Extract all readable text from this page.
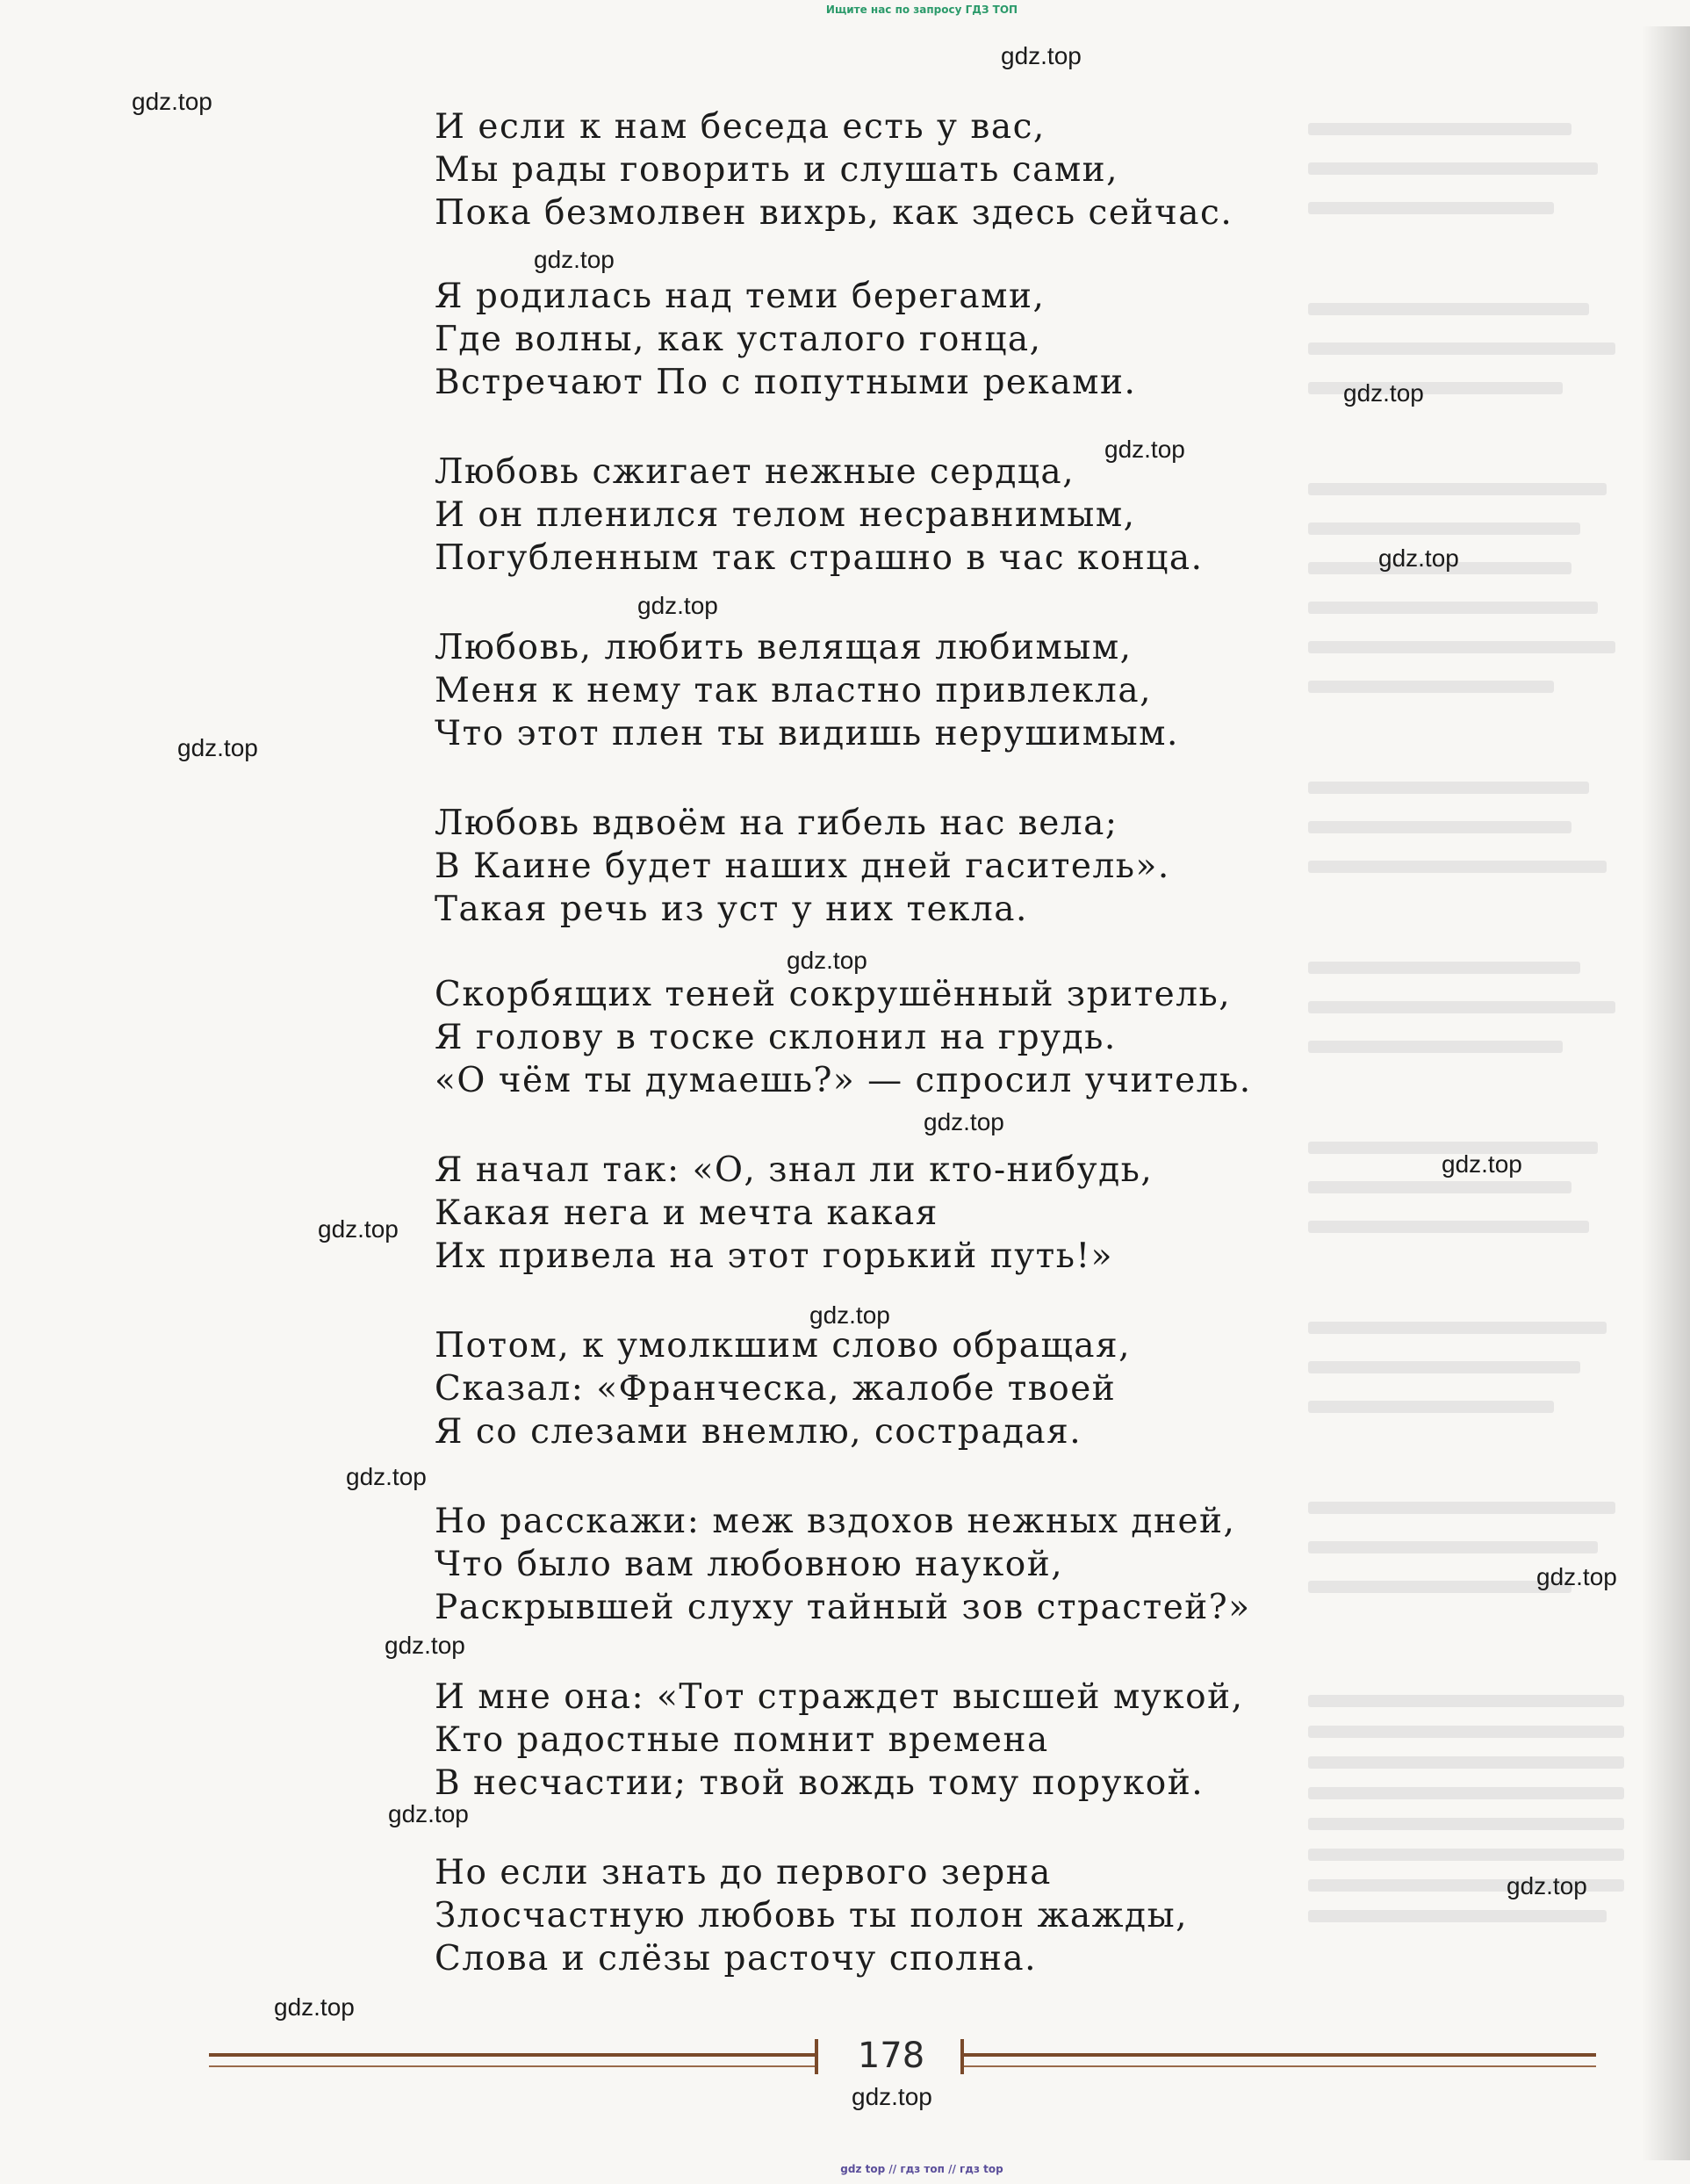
Ищите нас по запросу ГДЗ ТОП
И если к нам беседа есть у вас,
Мы рады говорить и слушать сами,
Пока безмолвен вихрь, как здесь сейчас.
Я родилась над теми берегами,
Где волны, как усталого гонца,
Встречают По с попутными реками.
Любовь сжигает нежные сердца,
И он пленился телом несравнимым,
Погубленным так страшно в час конца.
Любовь, любить велящая любимым,
Меня к нему так властно привлекла,
Что этот плен ты видишь нерушимым.
Любовь вдвоём на гибель нас вела;
В Каине будет наших дней гаситель».
Такая речь из уст у них текла.
Скорбящих теней сокрушённый зритель,
Я голову в тоске склонил на грудь.
«О чём ты думаешь?» — спросил учитель.
Я начал так: «О, знал ли кто-нибудь,
Какая нега и мечта какая
Их привела на этот горький путь!»
Потом, к умолкшим слово обращая,
Сказал: «Франческа, жалобе твоей
Я со слезами внемлю, сострадая.
Но расскажи: меж вздохов нежных дней,
Что было вам любовною наукой,
Раскрывшей слуху тайный зов страстей?»
И мне она: «Тот страждет высшей мукой,
Кто радостные помнит времена
В несчастии; твой вождь тому порукой.
Но если знать до первого зерна
Злосчастную любовь ты полон жажды,
Слова и слёзы расточу сполна.
gdz.top
gdz.top
gdz.top
gdz.top
gdz.top
gdz.top
gdz.top
gdz.top
gdz.top
gdz.top
gdz.top
gdz.top
gdz.top
gdz.top
gdz.top
gdz.top
gdz.top
gdz.top
gdz.top
gdz.top
178
gdz top // гдз топ // гдз top
